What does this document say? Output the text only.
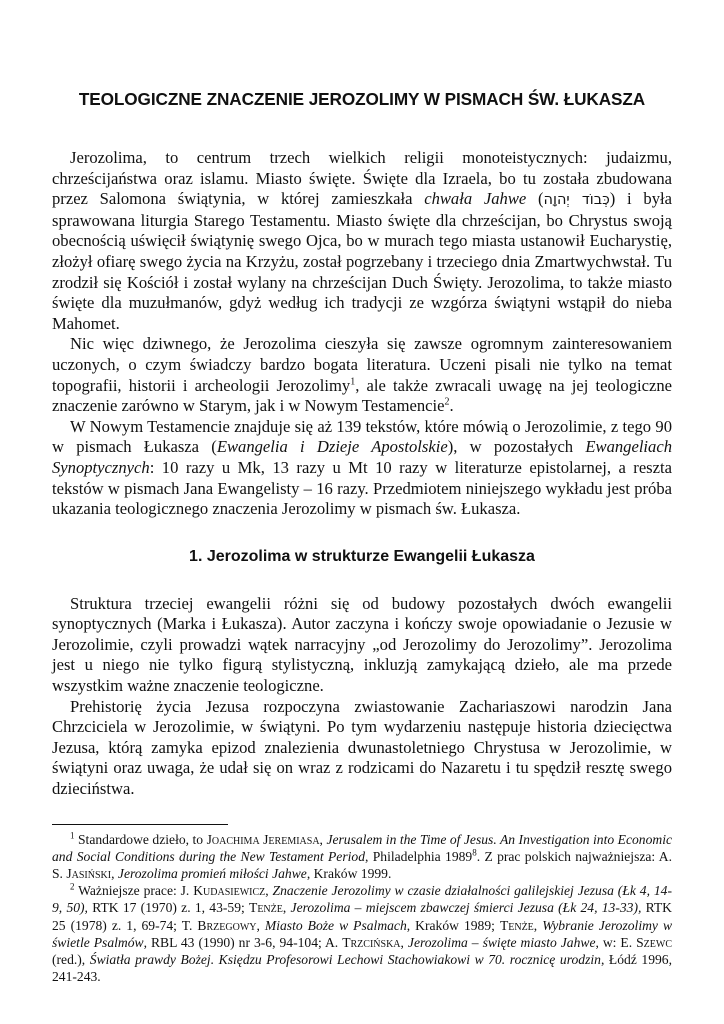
TEOLOGICZNE ZNACZENIE JEROZOLIMY W PISMACH ŚW. ŁUKASZA

Jerozolima, to centrum trzech wielkich religii monoteistycznych: judaizmu, chrześcijaństwa oraz islamu. Miasto święte. Święte dla Izraela, bo tu została zbudowana przez Salomona świątynia, w której zamieszkała chwała Jahwe (כְּבוֹד יְהוָה) i była sprawowana liturgia Starego Testamentu. Miasto święte dla chrześcijan, bo Chrystus swoją obecnością uświęcił świątynię swego Ojca, bo w murach tego miasta ustanowił Eucharystię, złożył ofiarę swego życia na Krzyżu, został pogrzebany i trzeciego dnia Zmartwychwstał. Tu zrodził się Kościół i został wylany na chrześcijan Duch Święty. Jerozolima, to także miasto święte dla muzułmanów, gdyż według ich tradycji ze wzgórza świątyni wstąpił do nieba Mahomet.

Nic więc dziwnego, że Jerozolima cieszyła się zawsze ogromnym zainteresowaniem uczonych, o czym świadczy bardzo bogata literatura. Uczeni pisali nie tylko na temat topografii, historii i archeologii Jerozolimy$^1$, ale także zwracali uwagę na jej teologiczne znaczenie zarówno w Starym, jak i w Nowym Testamencie$^2$.

W Nowym Testamencie znajduje się aż 139 tekstów, które mówią o Jerozolimie, z tego 90 w pismach Łukasza (Ewangelia i Dzieje Apostolskie), w pozostałych Ewangeliach Synoptycznych: 10 razy u Mk, 13 razy u Mt 10 razy w literaturze epistolarnej, a reszta tekstów w pismach Jana Ewangelisty – 16 razy. Przedmiotem niniejszego wykładu jest próba ukazania teologicznego znaczenia Jerozolimy w pismach św. Łukasza.

1. Jerozolima w strukturze Ewangelii Łukasza

Struktura trzeciej ewangelii różni się od budowy pozostałych dwóch ewangelii synoptycznych (Marka i Łukasza). Autor zaczyna i kończy swoje opowiadanie o Jezusie w Jerozolimie, czyli prowadzi wątek narracyjny „od Jerozolimy do Jerozolimy”. Jerozolima jest u niego nie tylko figurą stylistyczną, inkluzją zamykającą dzieło, ale ma przede wszystkim ważne znaczenie teologiczne.

Prehistorię życia Jezusa rozpoczyna zwiastowanie Zachariaszowi narodzin Jana Chrzciciela w Jerozolimie, w świątyni. Po tym wydarzeniu następuje historia dziecięctwa Jezusa, którą zamyka epizod znalezienia dwunastoletniego Chrystusa w Jerozolimie, w świątyni oraz uwaga, że udał się on wraz z rodzicami do Nazaretu i tu spędził resztę swego dzieciństwa.

$^1$ Standardowe dzieło, to Joachima Jeremiasa, Jerusalem in the Time of Jesus. An Investigation into Economic and Social Conditions during the New Testament Period, Philadelphia 1989$^8$. Z prac polskich najważniejsza: A. S. Jasiński, Jerozolima promień miłości Jahwe, Kraków 1999.

$^2$ Ważniejsze prace: J. Kudasiewicz, Znaczenie Jerozolimy w czasie działalności galilejskiej Jezusa (Łk 4, 14-9, 50), RTK 17 (1970) z. 1, 43-59; Tenże, Jerozolima – miejscem zbawczej śmierci Jezusa (Łk 24, 13-33), RTK 25 (1978) z. 1, 69-74; T. Brzegowy, Miasto Boże w Psalmach, Kraków 1989; Tenże, Wybranie Jerozolimy w świetle Psalmów, RBL 43 (1990) nr 3-6, 94-104; A. Trzcińska, Jerozolima – święte miasto Jahwe, w: E. Szewc (red.), Światła prawdy Bożej. Księdzu Profesorowi Lechowi Stachowiakowi w 70. rocznicę urodzin, Łódź 1996, 241-243.
